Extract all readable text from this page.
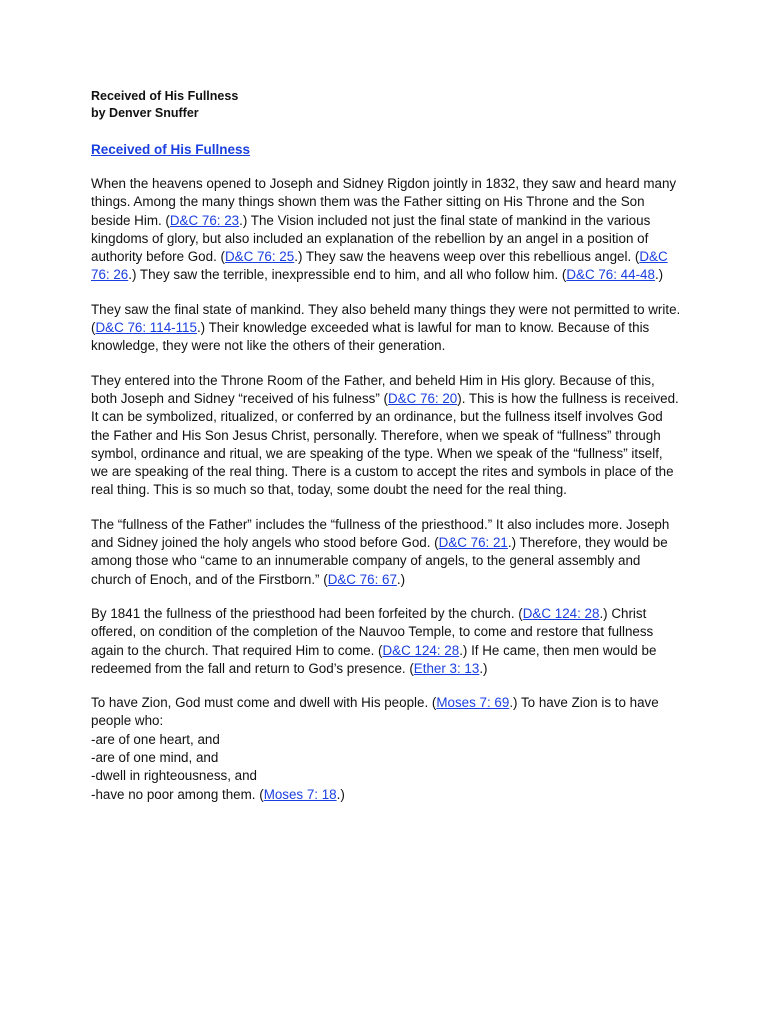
Received of His Fullness
by Denver Snuffer
Received of His Fullness

When the heavens opened to Joseph and Sidney Rigdon jointly in 1832, they saw and heard many things. Among the many things shown them was the Father sitting on His Throne and the Son beside Him. (D&C 76: 23.) The Vision included not just the final state of mankind in the various kingdoms of glory, but also included an explanation of the rebellion by an angel in a position of authority before God. (D&C 76: 25.) They saw the heavens weep over this rebellious angel. (D&C 76: 26.) They saw the terrible, inexpressible end to him, and all who follow him. (D&C 76: 44-48.)

They saw the final state of mankind. They also beheld many things they were not permitted to write. (D&C 76: 114-115.) Their knowledge exceeded what is lawful for man to know. Because of this knowledge, they were not like the others of their generation.

They entered into the Throne Room of the Father, and beheld Him in His glory. Because of this, both Joseph and Sidney “received of his fulness” (D&C 76: 20). This is how the fullness is received. It can be symbolized, ritualized, or conferred by an ordinance, but the fullness itself involves God the Father and His Son Jesus Christ, personally. Therefore, when we speak of “fullness” through symbol, ordinance and ritual, we are speaking of the type. When we speak of the “fullness” itself, we are speaking of the real thing. There is a custom to accept the rites and symbols in place of the real thing. This is so much so that, today, some doubt the need for the real thing.

The “fullness of the Father” includes the “fullness of the priesthood.” It also includes more. Joseph and Sidney joined the holy angels who stood before God. (D&C 76: 21.) Therefore, they would be among those who “came to an innumerable company of angels, to the general assembly and church of Enoch, and of the Firstborn.” (D&C 76: 67.)

By 1841 the fullness of the priesthood had been forfeited by the church. (D&C 124: 28.) Christ offered, on condition of the completion of the Nauvoo Temple, to come and restore that fullness again to the church. That required Him to come. (D&C 124: 28.) If He came, then men would be redeemed from the fall and return to God’s presence. (Ether 3: 13.)

To have Zion, God must come and dwell with His people. (Moses 7: 69.) To have Zion is to have people who:

-are of one heart, and
-are of one mind, and
-dwell in righteousness, and
-have no poor among them. (Moses 7: 18.)
